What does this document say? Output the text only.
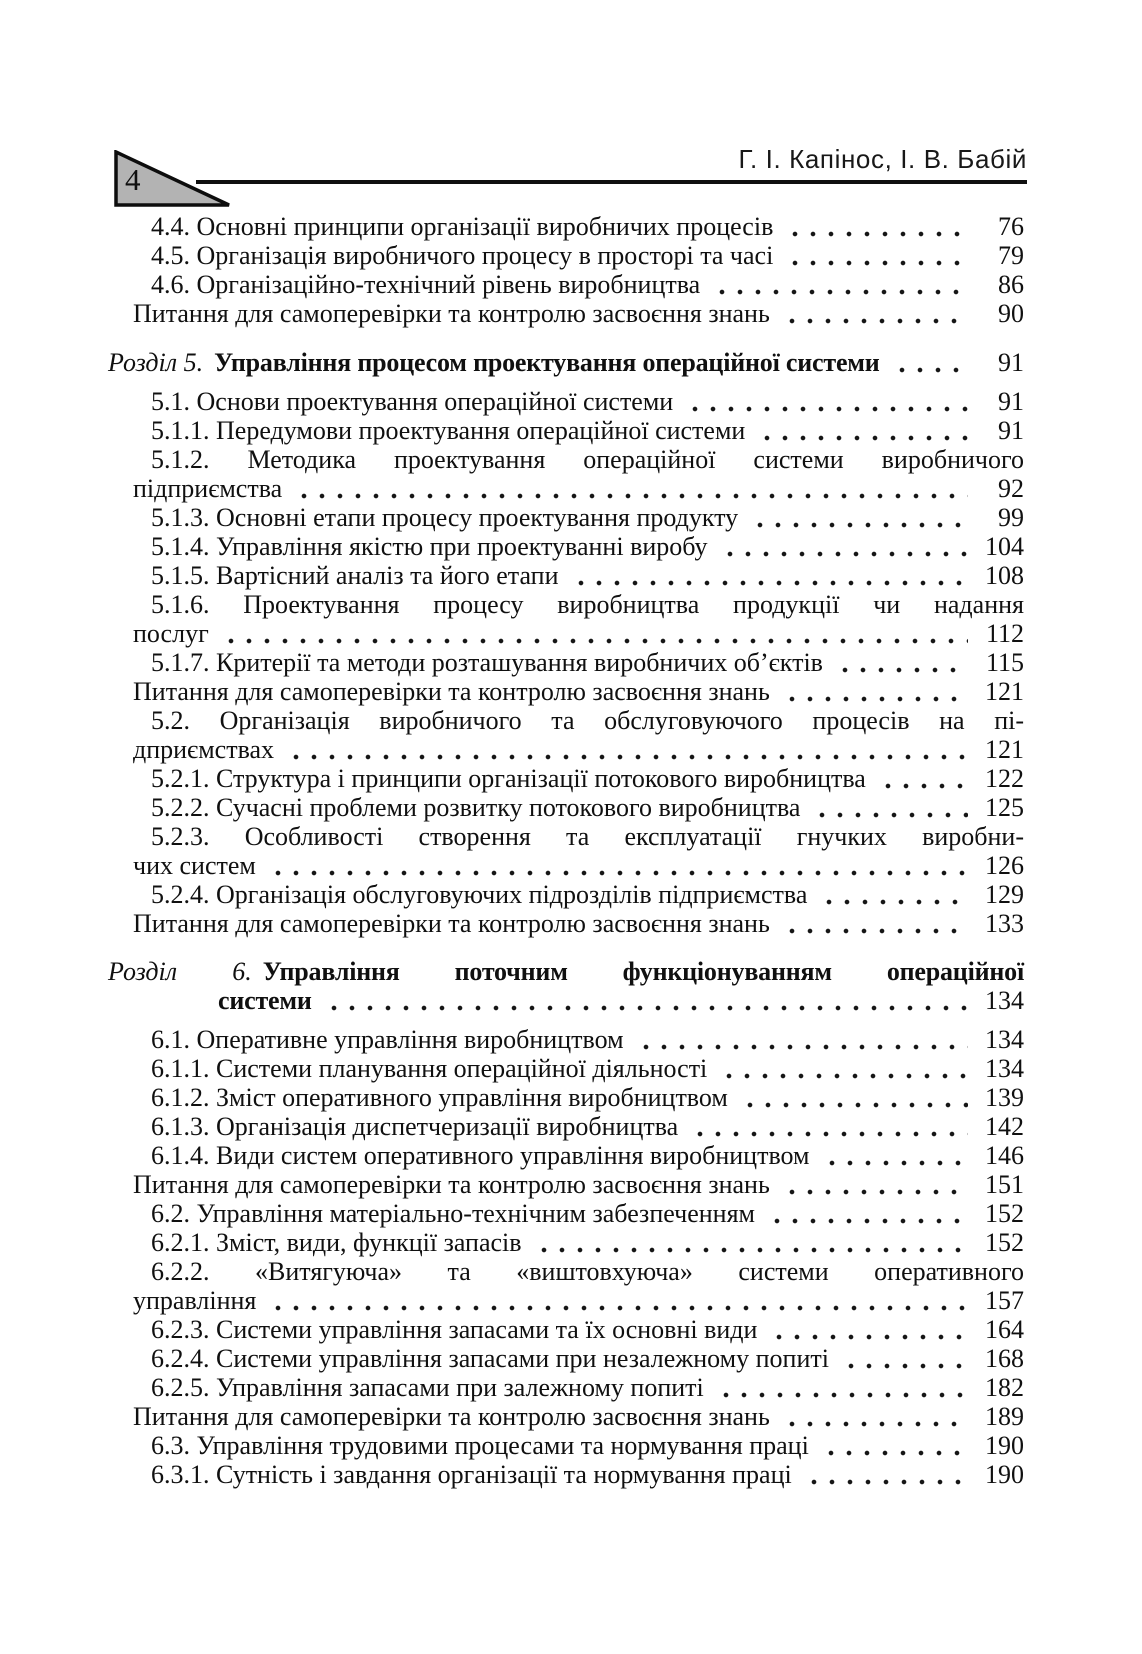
4
Г. І. Капінос, І. В. Бабій
4.4. Основні принципи організації виробничих процесів	76
4.5. Організація виробничого процесу в просторі та часі	79
4.6. Організаційно-технічний рівень виробництва	86
Питання для самоперевірки та контролю засвоєння знань	90
Розділ 5. Управління процесом проектування операційної системи	91
5.1. Основи проектування операційної системи	91
5.1.1. Передумови проектування операційної системи	91
5.1.2. Методика проектування операційної системи виробничого
підприємства	92
5.1.3. Основні етапи процесу проектування продукту	99
5.1.4. Управління якістю при проектуванні виробу	104
5.1.5. Вартісний аналіз та його етапи	108
5.1.6. Проектування процесу виробництва продукції чи надання
послуг	112
5.1.7. Критерії та методи розташування виробничих об’єктів	115
Питання для самоперевірки та контролю засвоєння знань	121
5.2. Організація виробничого та обслуговуючого процесів на пі-
дприємствах	121
5.2.1. Структура і принципи організації потокового виробництва	122
5.2.2. Сучасні проблеми розвитку потокового виробництва	125
5.2.3. Особливості створення та експлуатації гнучких виробни-
чих систем	126
5.2.4. Організація обслуговуючих підрозділів підприємства	129
Питання для самоперевірки та контролю засвоєння знань	133
Розділ 6. Управління поточним функціонуванням операційної
системи	134
6.1. Оперативне управління виробництвом	134
6.1.1. Системи планування операційної діяльності	134
6.1.2. Зміст оперативного управління виробництвом	139
6.1.3. Організація диспетчеризації виробництва	142
6.1.4. Види систем оперативного управління виробництвом	146
Питання для самоперевірки та контролю засвоєння знань	151
6.2. Управління матеріально-технічним забезпеченням	152
6.2.1. Зміст, види, функції запасів	152
6.2.2. «Витягуюча» та «виштовхуюча» системи оперативного
управління	157
6.2.3. Системи управління запасами та їх основні види	164
6.2.4. Системи управління запасами при незалежному попиті	168
6.2.5. Управління запасами при залежному попиті	182
Питання для самоперевірки та контролю засвоєння знань	189
6.3. Управління трудовими процесами та нормування праці	190
6.3.1. Сутність і завдання організації та нормування праці	190
